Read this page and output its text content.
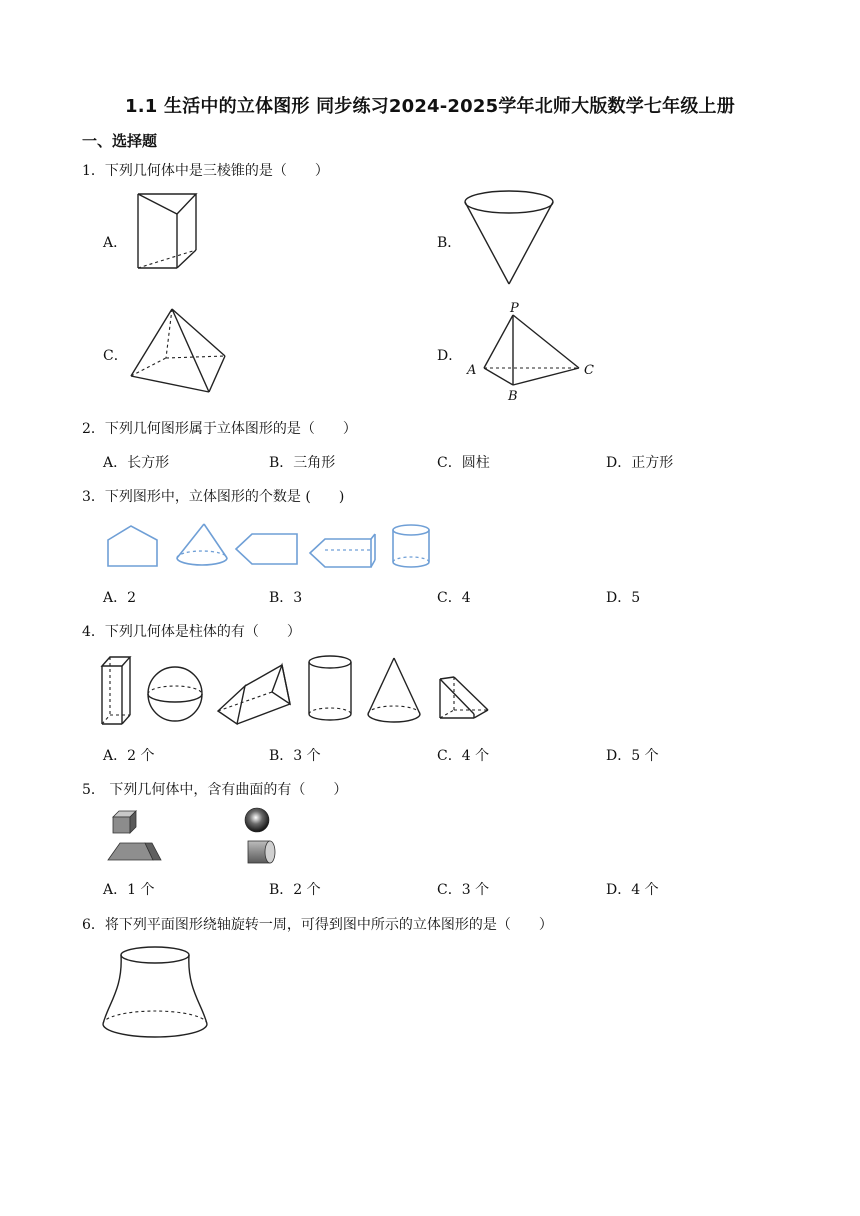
1.1 生活中的立体图形 同步练习2024-2025学年北师大版数学七年级上册
一、选择题
1．下列几何体中是三棱锥的是（　　）
A．	B．
C．	D．
P
A
B
C
2．下列几何图形属于立体图形的是（　　）
A．长方形	B．三角形	C．圆柱	D．正方形
3．下列图形中，立体图形的个数是 (　　)
A．2	B．3	C．4	D．5
4．下列几何体是柱体的有（　　）
A．2 个	B．3 个	C．4 个	D．5 个
5． 下列几何体中，含有曲面的有（　　）
A．1 个	B．2 个	C．3 个	D．4 个
6．将下列平面图形绕轴旋转一周，可得到图中所示的立体图形的是（　　）
